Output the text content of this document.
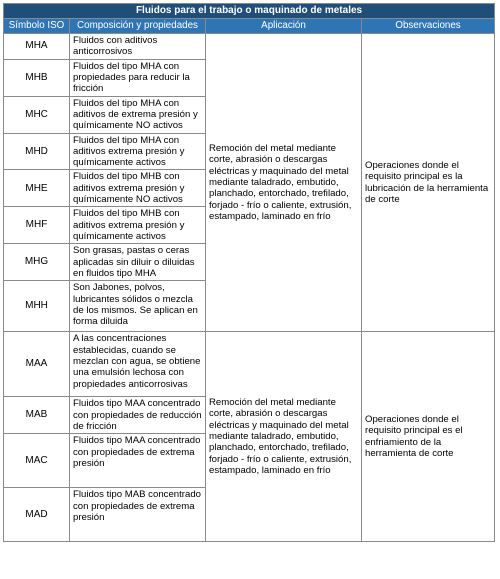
Fluidos para el trabajo o maquinado de metales			
Símbolo ISO	Composición y propiedades	Aplicación	Observaciones
MHA	Fluidos con aditivos anticorrosivos	Remoción del metal mediante corte, abrasión o descargas eléctricas y maquinado del metal mediante taladrado, embutido, planchado, entorchado, trefilado, forjado - frío o caliente, extrusión, estampado, laminado en frío	Operaciones donde el requisito principal es la lubricación de la herramienta de corte
MHB	Fluidos del tipo MHA con propiedades para reducir la fricción		
MHC	Fluidos del tipo MHA con aditivos de extrema presión y químicamente NO activos		
MHD	Fluidos del tipo MHA con aditivos extrema presión y químicamente activos		
MHE	Fluidos del tipo MHB con aditivos extrema presión y químicamente NO activos		
MHF	Fluidos del tipo MHB con aditivos extrema presión y químicamente activos		
MHG	Son grasas, pastas o ceras aplicadas sin diluir o diluidas en fluidos tipo MHA		
MHH	Son Jabones, polvos, lubricantes sólidos o mezcla de los mismos. Se aplican en forma diluida		
MAA	A las concentraciones establecidas, cuando se mezclan con agua, se obtiene una emulsión lechosa con propiedades anticorrosivas	Remoción del metal mediante corte, abrasión o descargas eléctricas y maquinado del metal mediante taladrado, embutido, planchado, entorchado, trefilado, forjado - frío o caliente, extrusión, estampado, laminado en frío	Operaciones donde el requisito principal es el enfriamiento de la herramienta de corte
MAB	Fluidos tipo MAA concentrado con propiedades de reducción de fricción		
MAC	Fluidos tipo MAA concentrado con propiedades de extrema presión		
MAD	Fluidos tipo MAB concentrado con propiedades de extrema presión		
